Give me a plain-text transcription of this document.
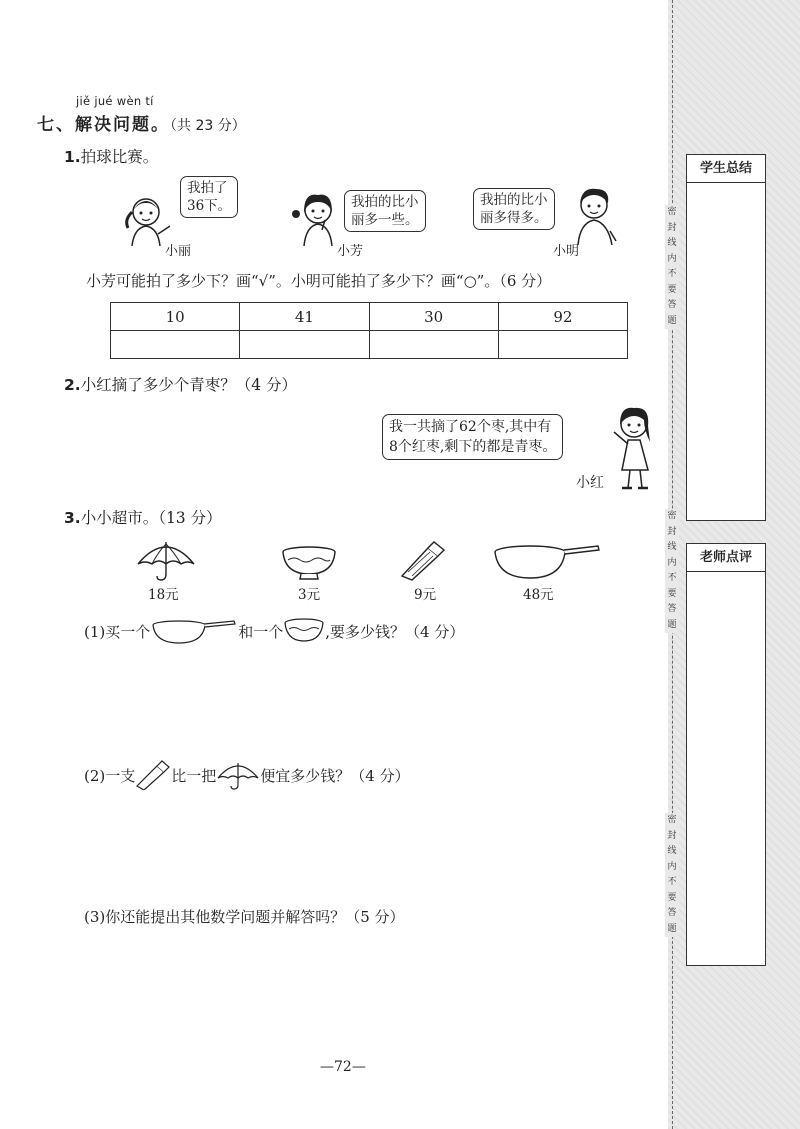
密封线内不要答题
密封线内不要答题
密封线内不要答题
学生总结
老师点评
jiě jué wèn tí
七、解决问题。（共 23 分）
1.拍球比赛。
我拍了
36下。
小丽
我拍的比小
丽多一些。
小芳
我拍的比小
丽多得多。
小明
小芳可能拍了多少下？画“√”。小明可能拍了多少下？画“○”。（6 分）
10	41	30	92

2.小红摘了多少个青枣？（4 分）
我一共摘了62个枣,其中有
8个红枣,剩下的都是青枣。
小红
3.小小超市。（13 分）
18元	3元	9元	48元
(1)买一个	和一个	,要多少钱？（4 分）
(2)一支 比一把	便宜多少钱？（4 分）
(3)你还能提出其他数学问题并解答吗？（5 分）
—72—
